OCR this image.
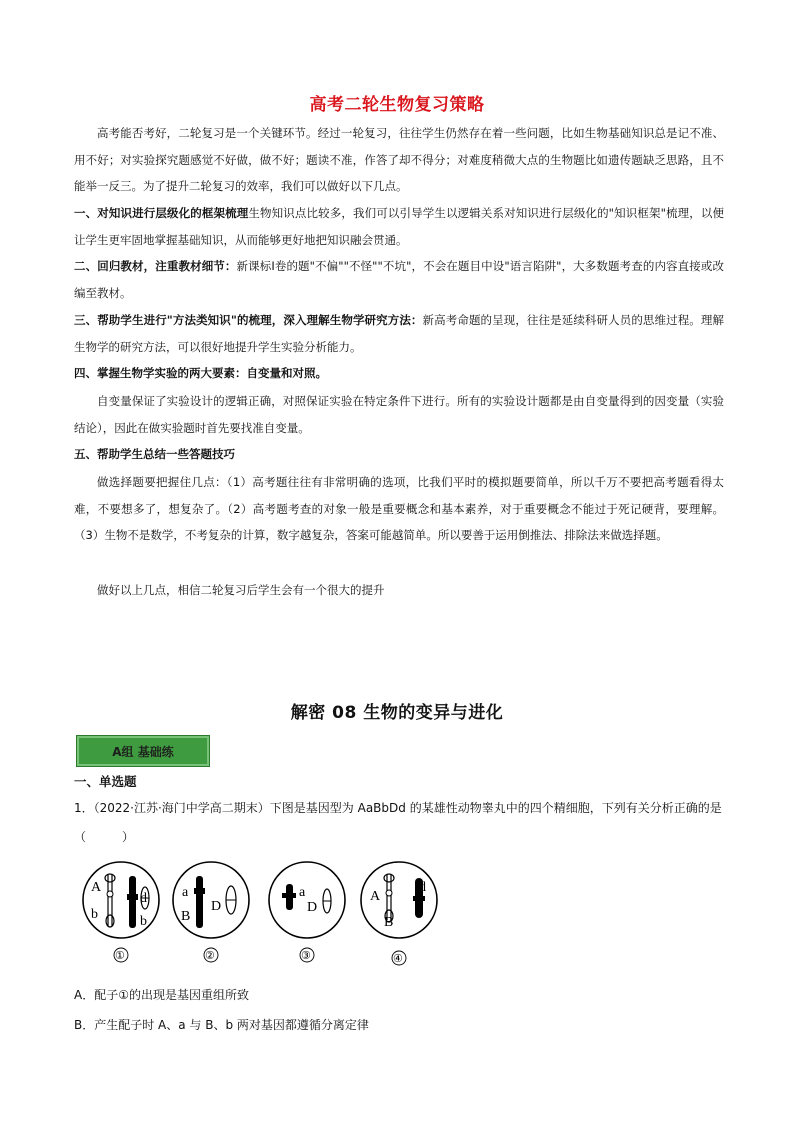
高考二轮生物复习策略

高考能否考好，二轮复习是一个关键环节。经过一轮复习，往往学生仍然存在着一些问题，比如生物基础知识总是记不准、用不好；对实验探究题感觉不好做，做不好；题读不准，作答了却不得分；对难度稍微大点的生物题比如遗传题缺乏思路，且不能举一反三。为了提升二轮复习的效率，我们可以做好以下几点。

一、对知识进行层级化的框架梳理生物知识点比较多，我们可以引导学生以逻辑关系对知识进行层级化的"知识框架"梳理，以便让学生更牢固地掌握基础知识，从而能够更好地把知识融会贯通。

二、回归教材，注重教材细节：新课标Ⅰ卷的题"不偏""不怪""不坑"，不会在题目中设"语言陷阱"，大多数题考查的内容直接或改编至教材。

三、帮助学生进行"方法类知识"的梳理，深入理解生物学研究方法：新高考命题的呈现，往往是延续科研人员的思维过程。理解生物学的研究方法，可以很好地提升学生实验分析能力。

四、掌握生物学实验的两大要素：自变量和对照。

自变量保证了实验设计的逻辑正确，对照保证实验在特定条件下进行。所有的实验设计题都是由自变量得到的因变量（实验结论），因此在做实验题时首先要找准自变量。

五、帮助学生总结一些答题技巧

做选择题要把握住几点：（1）高考题往往有非常明确的选项，比我们平时的模拟题要简单，所以千万不要把高考题看得太难，不要想多了，想复杂了。（2）高考题考查的对象一般是重要概念和基本素养，对于重要概念不能过于死记硬背，要理解。（3）生物不是数学，不考复杂的计算，数字越复杂，答案可能越简单。所以要善于运用倒推法、排除法来做选择题。

做好以上几点，相信二轮复习后学生会有一个很大的提升

解密 08 生物的变异与进化
A组 基础练
一、单选题

1．（2022·江苏·海门中学高二期末）下图是基因型为 AaBbDd 的某雄性动物睾丸中的四个精细胞，下列有关分析正确的是（　　　）

A
b
d
b
①
a
B
D
②
a
D
③
A
B
d
④
A．配子①的出现是基因重组所致
B．产生配子时 A、a 与 B、b 两对基因都遵循分离定律
